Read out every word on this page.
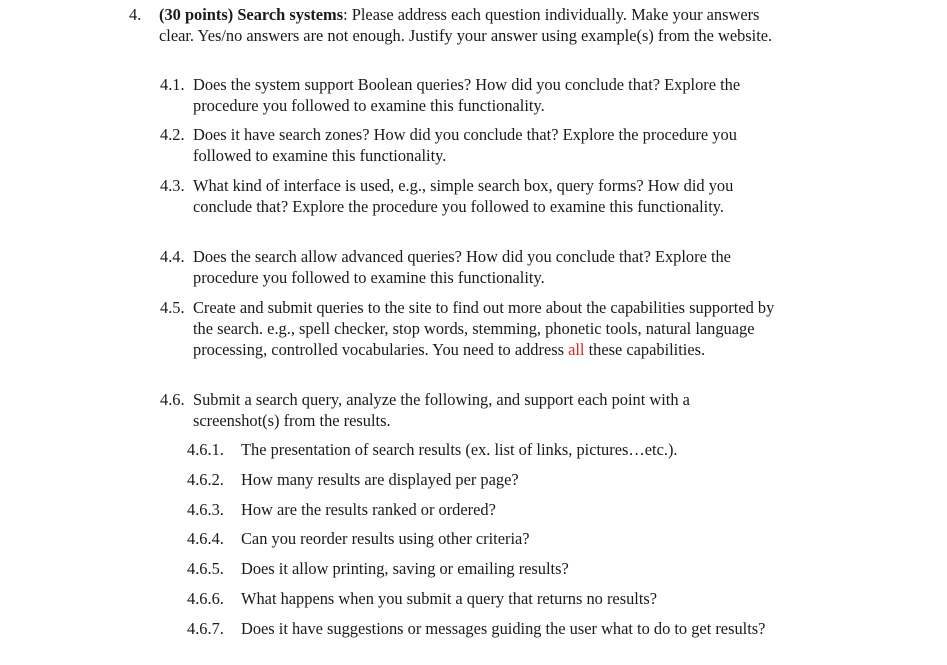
4. (30 points) Search systems: Please address each question individually. Make your answers clear. Yes/no answers are not enough. Justify your answer using example(s) from the website.
4.1. Does the system support Boolean queries? How did you conclude that? Explore the procedure you followed to examine this functionality.
4.2. Does it have search zones? How did you conclude that? Explore the procedure you followed to examine this functionality.
4.3. What kind of interface is used, e.g., simple search box, query forms? How did you conclude that? Explore the procedure you followed to examine this functionality.
4.4. Does the search allow advanced queries? How did you conclude that? Explore the procedure you followed to examine this functionality.
4.5. Create and submit queries to the site to find out more about the capabilities supported by the search. e.g., spell checker, stop words, stemming, phonetic tools, natural language processing, controlled vocabularies. You need to address all these capabilities.
4.6. Submit a search query, analyze the following, and support each point with a screenshot(s) from the results.
4.6.1. The presentation of search results (ex. list of links, pictures…etc.).
4.6.2. How many results are displayed per page?
4.6.3. How are the results ranked or ordered?
4.6.4. Can you reorder results using other criteria?
4.6.5. Does it allow printing, saving or emailing results?
4.6.6. What happens when you submit a query that returns no results?
4.6.7. Does it have suggestions or messages guiding the user what to do to get results?
